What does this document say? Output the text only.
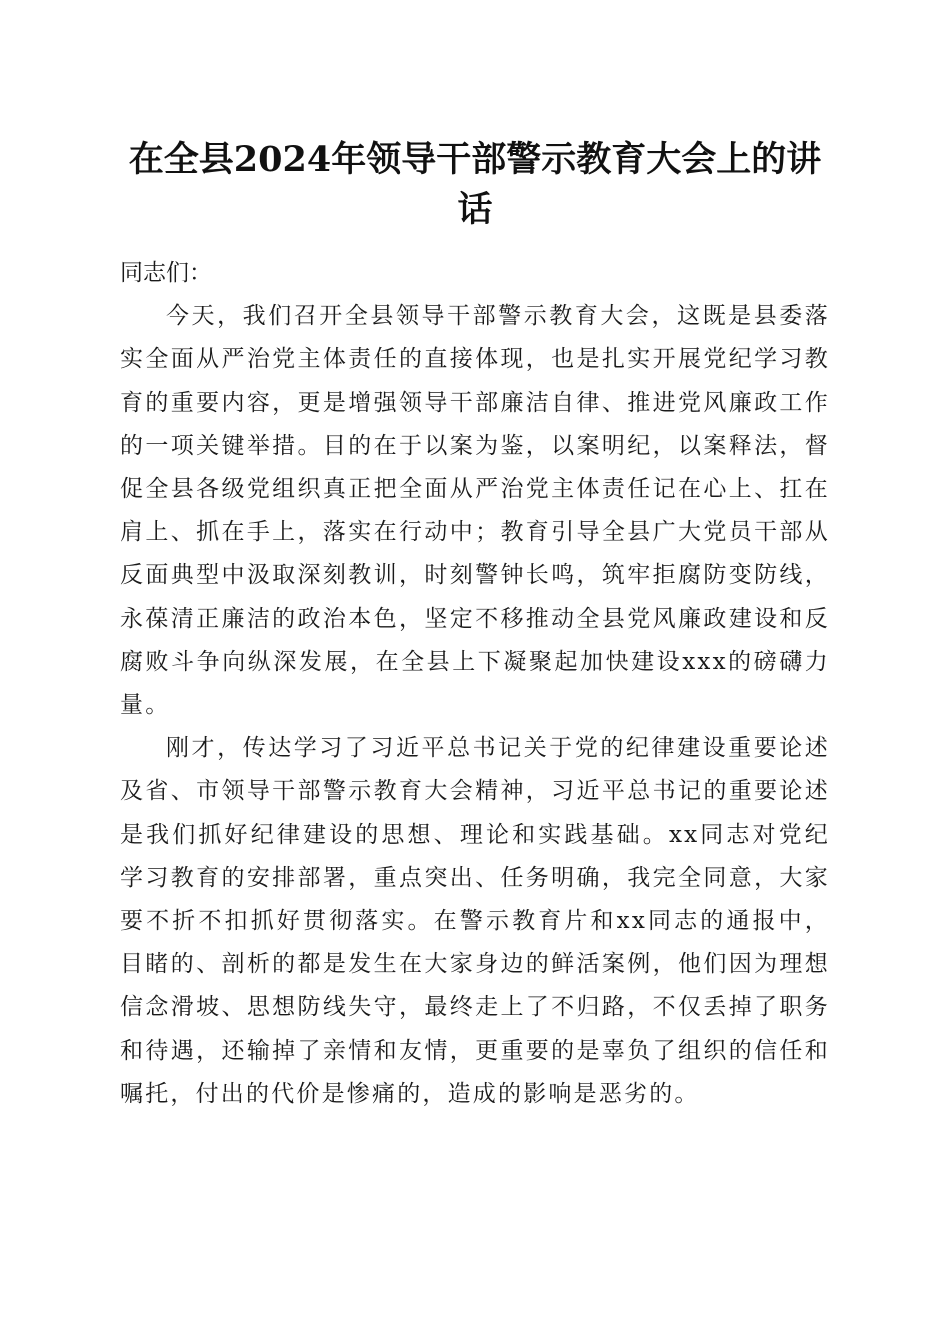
在全县2024年领导干部警示教育大会上的讲
话

同志们：

今天，我们召开全县领导干部警示教育大会，这既是县委落实全面从严治党主体责任的直接体现，也是扎实开展党纪学习教育的重要内容，更是增强领导干部廉洁自律、推进党风廉政工作的一项关键举措。目的在于以案为鉴，以案明纪，以案释法，督促全县各级党组织真正把全面从严治党主体责任记在心上、扛在肩上、抓在手上，落实在行动中；教育引导全县广大党员干部从反面典型中汲取深刻教训，时刻警钟长鸣，筑牢拒腐防变防线，永葆清正廉洁的政治本色，坚定不移推动全县党风廉政建设和反腐败斗争向纵深发展，在全县上下凝聚起加快建设xxx的磅礴力量。

刚才，传达学习了习近平总书记关于党的纪律建设重要论述及省、市领导干部警示教育大会精神，习近平总书记的重要论述是我们抓好纪律建设的思想、理论和实践基础。xx同志对党纪学习教育的安排部署，重点突出、任务明确，我完全同意，大家要不折不扣抓好贯彻落实。在警示教育片和xx同志的通报中，目睹的、剖析的都是发生在大家身边的鲜活案例，他们因为理想信念滑坡、思想防线失守，最终走上了不归路，不仅丢掉了职务和待遇，还输掉了亲情和友情，更重要的是辜负了组织的信任和嘱托，付出的代价是惨痛的，造成的影响是恶劣的。
